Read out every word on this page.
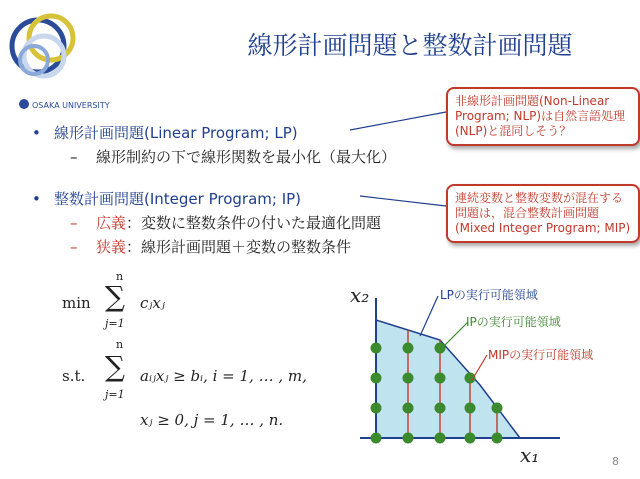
OSAKA UNIVERSITY
線形計画問題と整数計画問題
• 線形計画問題(Linear Program; LP)
– 線形制約の下で線形関数を最小化（最大化）
• 整数計画問題(Integer Program; IP)
– 広義：変数に整数条件の付いた最適化問題
– 狭義：線形計画問題＋変数の整数条件
非線形計画問題(Non-Linear Program; NLP)は自然言語処理(NLP)と混同しそう？
連続変数と整数変数が混在する問題は，混合整数計画問題(Mixed Integer Program; MIP)
min
n
∑
j=1
cⱼxⱼ
s.t.
n
∑
j=1
aᵢⱼxⱼ ≥ bᵢ, i = 1, … , m,
xⱼ ≥ 0, j = 1, … , n.
LPの実行可能領域
IPの実行可能領域
MIPの実行可能領域
x₂
x₁	8
